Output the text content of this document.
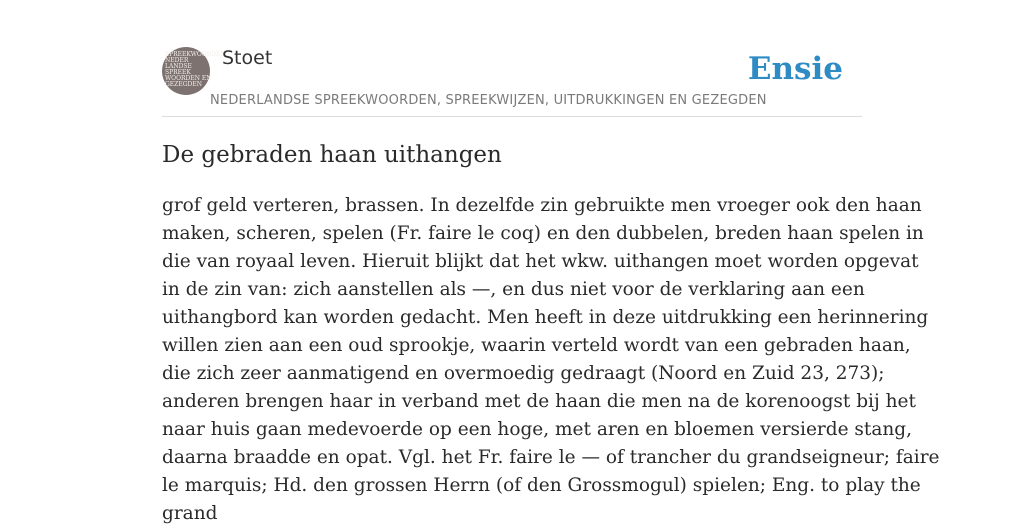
SPREEKWOORDEN
NEDER
LANDSE
SPREEK
WOORDEN EN
GEZEGDEN
Stoet
NEDERLANDSE SPREEKWOORDEN, SPREEKWIJZEN, UITDRUKKINGEN EN GEZEGDEN
Ensie
De gebraden haan uithangen
grof geld verteren, brassen. In dezelfde zin gebruikte men vroeger ook den haan
maken, scheren, spelen (Fr. faire le coq) en den dubbelen, breden haan spelen in
die van royaal leven. Hieruit blijkt dat het wkw. uithangen moet worden opgevat
in de zin van: zich aanstellen als —, en dus niet voor de verklaring aan een
uithangbord kan worden gedacht. Men heeft in deze uitdrukking een herinnering
willen zien aan een oud sprookje, waarin verteld wordt van een gebraden haan,
die zich zeer aanmatigend en overmoedig gedraagt (Noord en Zuid 23, 273);
anderen brengen haar in verband met de haan die men na de korenoogst bij het
naar huis gaan medevoerde op een hoge, met aren en bloemen versierde stang,
daarna braadde en opat. Vgl. het Fr. faire le — of trancher du grandseigneur; faire
le marquis; Hd. den grossen Herrn (of den Grossmogul) spielen; Eng. to play the
grand
